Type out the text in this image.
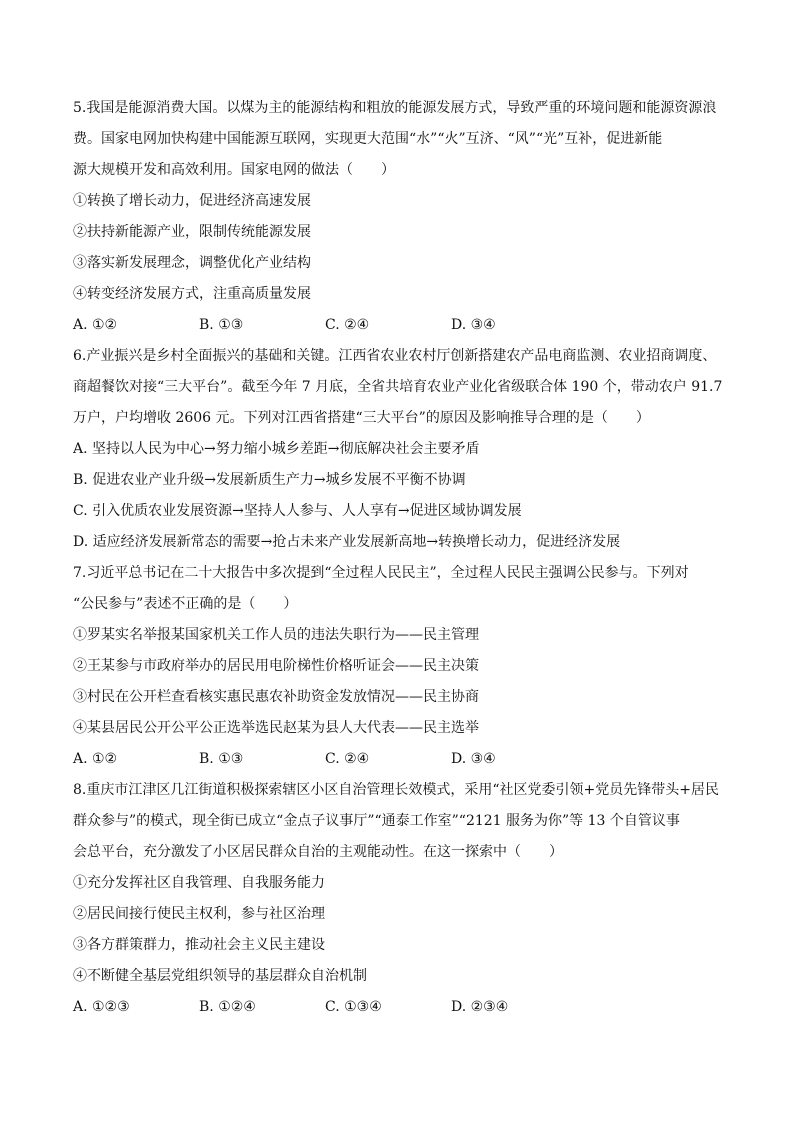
5.我国是能源消费大国。以煤为主的能源结构和粗放的能源发展方式，导致严重的环境问题和能源资源浪
费。国家电网加快构建中国能源互联网，实现更大范围“水”“火”互济、“风”“光”互补，促进新能
源大规模开发和高效利用。国家电网的做法（　　）
①转换了增长动力，促进经济高速发展
②扶持新能源产业，限制传统能源发展
③落实新发展理念，调整优化产业结构
④转变经济发展方式，注重高质量发展
A. ①②	B. ①③	C. ②④	D. ③④
6.产业振兴是乡村全面振兴的基础和关键。江西省农业农村厅创新搭建农产品电商监测、农业招商调度、
商超餐饮对接“三大平台”。截至今年 7 月底，全省共培育农业产业化省级联合体 190 个，带动农户 91.7
万户，户均增收 2606 元。下列对江西省搭建“三大平台”的原因及影响推导合理的是（　　）
A. 坚持以人民为中心→努力缩小城乡差距→彻底解决社会主要矛盾
B. 促进农业产业升级→发展新质生产力→城乡发展不平衡不协调
C. 引入优质农业发展资源→坚持人人参与、人人享有→促进区域协调发展
D. 适应经济发展新常态的需要→抢占未来产业发展新高地→转换增长动力，促进经济发展
7.习近平总书记在二十大报告中多次提到“全过程人民民主”，全过程人民民主强调公民参与。下列对
“公民参与”表述不正确的是（　　）
①罗某实名举报某国家机关工作人员的违法失职行为——民主管理
②王某参与市政府举办的居民用电阶梯性价格听证会——民主决策
③村民在公开栏查看核实惠民惠农补助资金发放情况——民主协商
④某县居民公开公平公正选举选民赵某为县人大代表——民主选举
A. ①②	B. ①③	C. ②④	D. ③④
8.重庆市江津区几江街道积极探索辖区小区自治管理长效模式，采用“社区党委引领+党员先锋带头+居民
群众参与”的模式，现全街已成立“金点子议事厅”“通泰工作室”“2121 服务为你”等 13 个自管议事
会总平台，充分激发了小区居民群众自治的主观能动性。在这一探索中（　　）
①充分发挥社区自我管理、自我服务能力
②居民间接行使民主权利，参与社区治理
③各方群策群力，推动社会主义民主建设
④不断健全基层党组织领导的基层群众自治机制
A. ①②③	B. ①②④	C. ①③④	D. ②③④
